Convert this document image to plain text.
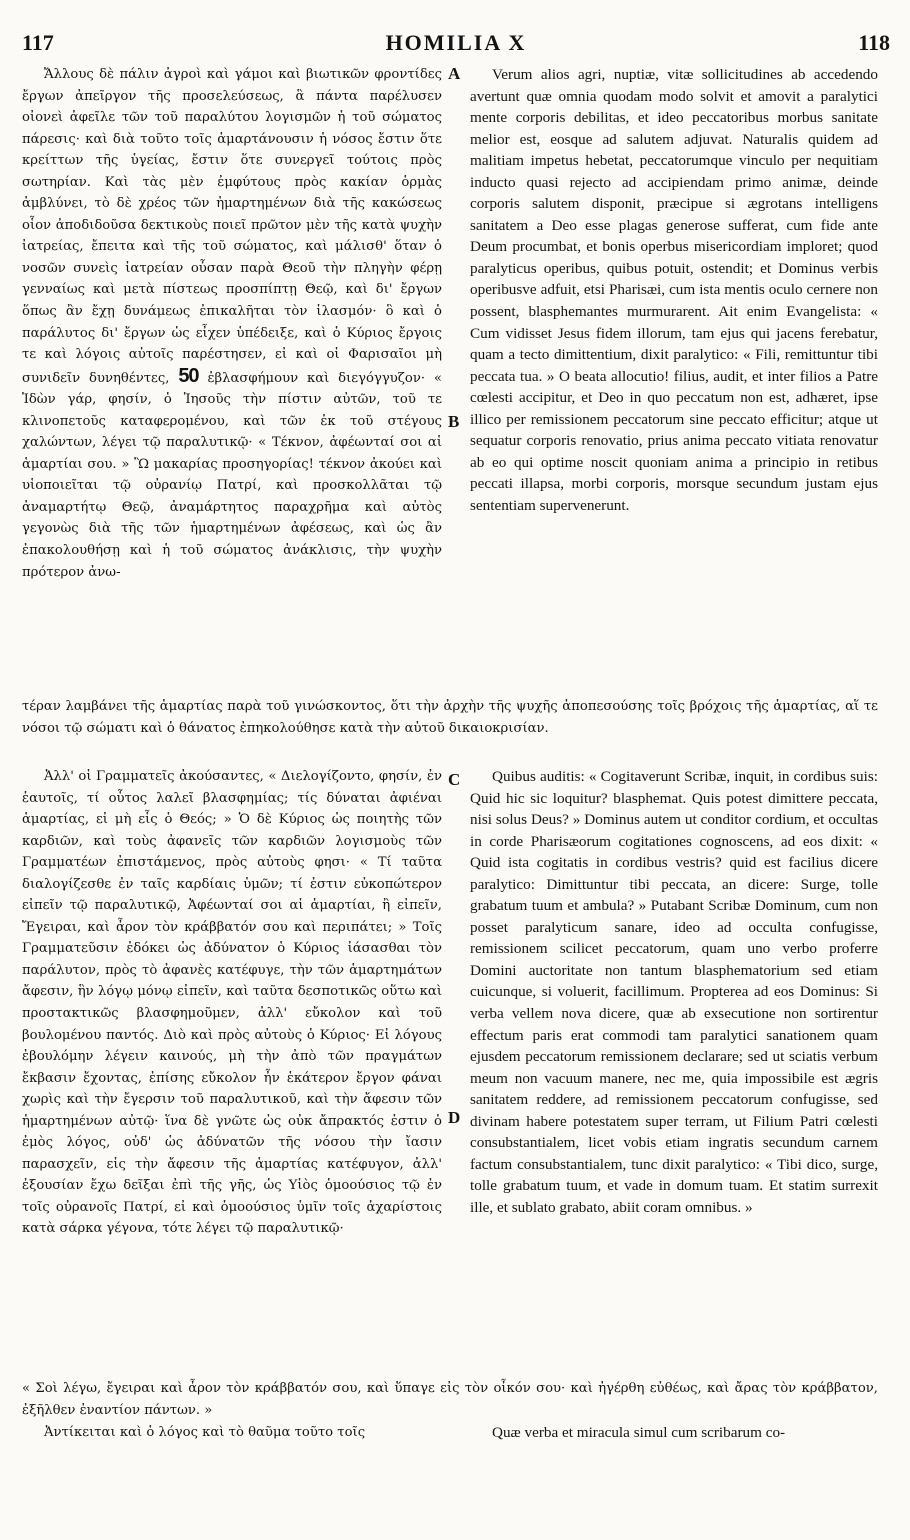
117	HOMILIA X	118
A
B
C
D

Ἄλλους δὲ πάλιν ἀγροὶ καὶ γάμοι καὶ βιωτικῶν φροντίδες ἔργων ἀπεῖργον τῆς προσελεύσεως, ἃ πάντα παρέλυσεν οἰονεὶ ἀφεῖλε τῶν τοῦ παραλύτου λογισμῶν ἡ τοῦ σώματος πάρεσις· καὶ διὰ τοῦτο τοῖς ἁμαρτάνουσιν ἡ νόσος ἔστιν ὅτε κρείττων τῆς ὑγείας, ἔστιν ὅτε συνεργεῖ τούτοις πρὸς σωτηρίαν. Καὶ τὰς μὲν ἐμφύτους πρὸς κακίαν ὁρμὰς ἀμβλύνει, τὸ δὲ χρέος τῶν ἡμαρτημένων διὰ τῆς κακώσεως οἷον ἀποδιδοῦσα δεκτικοὺς ποιεῖ πρῶτον μὲν τῆς κατὰ ψυχὴν ἰατρείας, ἔπειτα καὶ τῆς τοῦ σώματος, καὶ μάλισθ' ὅταν ὁ νοσῶν συνεὶς ἰατρείαν οὖσαν παρὰ Θεοῦ τὴν πληγὴν φέρῃ γενναίως καὶ μετὰ πίστεως προσπίπτῃ Θεῷ, καὶ δι' ἔργων ὅπως ἂν ἔχῃ δυνάμεως ἐπικαλῆται τὸν ἱλασμόν· ὃ καὶ ὁ παράλυτος δι' ἔργων ὡς εἶχεν ὑπέδειξε, καὶ ὁ Κύριος ἔργοις τε καὶ λόγοις αὐτοῖς παρέστησεν, εἰ καὶ οἱ Φαρισαῖοι μὴ συνιδεῖν δυνηθέντες, 50 ἐβλασφήμουν καὶ διεγόγγυζον· « Ἰδὼν γάρ, φησίν, ὁ Ἰησοῦς τὴν πίστιν αὐτῶν, τοῦ τε κλινοπετοῦς καταφερομένου, καὶ τῶν ἐκ τοῦ στέγους χαλώντων, λέγει τῷ παραλυτικῷ· « Τέκνον, ἀφέωνταί σοι αἱ ἁμαρτίαι σου. » Ὢ μακαρίας προσηγορίας! τέκνον ἀκούει καὶ υἱοποιεῖται τῷ οὐρανίῳ Πατρί, καὶ προσκολλᾶται τῷ ἀναμαρτήτῳ Θεῷ, ἀναμάρτητος παραχρῆμα καὶ αὐτὸς γεγονὼς διὰ τῆς τῶν ἡμαρτημένων ἀφέσεως, καὶ ὡς ἂν ἐπακολουθήσῃ καὶ ἡ τοῦ σώματος ἀνάκλισις, τὴν ψυχὴν πρότερον ἀνω-

Verum alios agri, nuptiæ, vitæ sollicitudines ab accedendo avertunt quæ omnia quodam modo solvit et amovit a paralytici mente corporis debilitas, et ideo peccatoribus morbus sanitate melior est, eosque ad salutem adjuvat. Naturalis quidem ad malitiam impetus hebetat, peccatorumque vinculo per nequitiam inducto quasi rejecto ad accipiendam primo animæ, deinde corporis salutem disponit, præcipue si ægrotans intelligens sanitatem a Deo esse plagas generose sufferat, cum fide ante Deum procumbat, et bonis operbus misericordiam imploret; quod paralyticus operibus, quibus potuit, ostendit; et Dominus verbis operibusve adfuit, etsi Pharisæi, cum ista mentis oculo cernere non possent, blasphemantes murmurarent. Ait enim Evangelista: « Cum vidisset Jesus fidem illorum, tam ejus qui jacens ferebatur, quam a tecto dimittentium, dixit paralytico: « Fili, remittuntur tibi peccata tua. » O beata allocutio! filius, audit, et inter filios a Patre cœlesti accipitur, et Deo in quo peccatum non est, adhæret, ipse illico per remissionem peccatorum sine peccato efficitur; atque ut sequatur corporis renovatio, prius anima peccato vitiata renovatur ab eo qui optime noscit quoniam anima a principio in retibus peccati illapsa, morbi corporis, morsque secundum justam ejus sententiam supervenerunt.

τέραν λαμβάνει τῆς ἁμαρτίας παρὰ τοῦ γινώσκοντος, ὅτι τὴν ἀρχὴν τῆς ψυχῆς ἀποπεσούσης τοῖς βρόχοις τῆς ἁμαρτίας, αἵ τε νόσοι τῷ σώματι καὶ ὁ θάνατος ἐπηκολούθησε κατὰ τὴν αὐτοῦ δικαιοκρισίαν.

Ἀλλ' οἱ Γραμματεῖς ἀκούσαντες, « Διελογίζοντο, φησίν, ἐν ἑαυτοῖς, τί οὗτος λαλεῖ βλασφημίας; τίς δύναται ἀφιέναι ἁμαρτίας, εἰ μὴ εἷς ὁ Θεός; » Ὁ δὲ Κύριος ὡς ποιητὴς τῶν καρδιῶν, καὶ τοὺς ἀφανεῖς τῶν καρδιῶν λογισμοὺς τῶν Γραμματέων ἐπιστάμενος, πρὸς αὐτοὺς φησι· « Τί ταῦτα διαλογίζεσθε ἐν ταῖς καρδίαις ὑμῶν; τί ἐστιν εὐκοπώτερον εἰπεῖν τῷ παραλυτικῷ, Ἀφέωνταί σοι αἱ ἁμαρτίαι, ἢ εἰπεῖν, Ἔγειραι, καὶ ἆρον τὸν κράββατόν σου καὶ περιπάτει; » Τοῖς Γραμματεῦσιν ἐδόκει ὡς ἀδύνατον ὁ Κύριος ἰάσασθαι τὸν παράλυτον, πρὸς τὸ ἀφανὲς κατέφυγε, τὴν τῶν ἁμαρτημάτων ἄφεσιν, ἣν λόγῳ μόνῳ εἰπεῖν, καὶ ταῦτα δεσποτικῶς οὕτω καὶ προστακτικῶς βλασφημοῦμεν, ἀλλ' εὔκολον καὶ τοῦ βουλομένου παντός. Διὸ καὶ πρὸς αὐτοὺς ὁ Κύριος· Εἰ λόγους ἐβουλόμην λέγειν καινούς, μὴ τὴν ἀπὸ τῶν πραγμάτων ἔκβασιν ἔχοντας, ἐπίσης εὔκολον ἦν ἑκάτερον ἔργον φάναι χωρὶς καὶ τὴν ἔγερσιν τοῦ παραλυτικοῦ, καὶ τὴν ἄφεσιν τῶν ἡμαρτημένων αὐτῷ· ἵνα δὲ γνῶτε ὡς οὐκ ἄπρακτός ἐστιν ὁ ἐμὸς λόγος, οὐδ' ὡς ἀδύνατῶν τῆς νόσου τὴν ἴασιν παρασχεῖν, εἰς τὴν ἄφεσιν τῆς ἁμαρτίας κατέφυγον, ἀλλ' ἐξουσίαν ἔχω δεῖξαι ἐπὶ τῆς γῆς, ὡς Υἱὸς ὁμοούσιος τῷ ἐν τοῖς οὐρανοῖς Πατρί, εἰ καὶ ὁμοούσιος ὑμῖν τοῖς ἀχαρίστοις κατὰ σάρκα γέγονα, τότε λέγει τῷ παραλυτικῷ·

Quibus auditis: « Cogitaverunt Scribæ, inquit, in cordibus suis: Quid hic sic loquitur? blasphemat. Quis potest dimittere peccata, nisi solus Deus? » Dominus autem ut conditor cordium, et occultas in corde Pharisæorum cogitationes cognoscens, ad eos dixit: « Quid ista cogitatis in cordibus vestris? quid est facilius dicere paralytico: Dimittuntur tibi peccata, an dicere: Surge, tolle grabatum tuum et ambula? » Putabant Scribæ Dominum, cum non posset paralyticum sanare, ideo ad occulta confugisse, remissionem scilicet peccatorum, quam uno verbo proferre Domini auctoritate non tantum blasphematorium sed etiam cuicunque, si voluerit, facillimum. Propterea ad eos Dominus: Si verba vellem nova dicere, quæ ab exsecutione non sortirentur effectum paris erat commodi tam paralytici sanationem quam ejusdem peccatorum remissionem declarare; sed ut sciatis verbum meum non vacuum manere, nec me, quia impossibile est ægris sanitatem reddere, ad remissionem peccatorum confugisse, sed divinam habere potestatem super terram, ut Filium Patri cœlesti consubstantialem, licet vobis etiam ingratis secundum carnem factum consubstantialem, tunc dixit paralytico: « Tibi dico, surge, tolle grabatum tuum, et vade in domum tuam. Et statim surrexit ille, et sublato grabato, abiit coram omnibus. »

« Σοὶ λέγω, ἔγειραι καὶ ἆρον τὸν κράββατόν σου, καὶ ὕπαγε εἰς τὸν οἶκόν σου· καὶ ἠγέρθη εὐθέως, καὶ ἄρας τὸν κράββατον, ἐξῆλθεν ἐναντίον πάντων. »

Ἀντίκειται καὶ ὁ λόγος καὶ τὸ θαῦμα τοῦτο τοῖς	Quæ verba et miracula simul cum scribarum co-
